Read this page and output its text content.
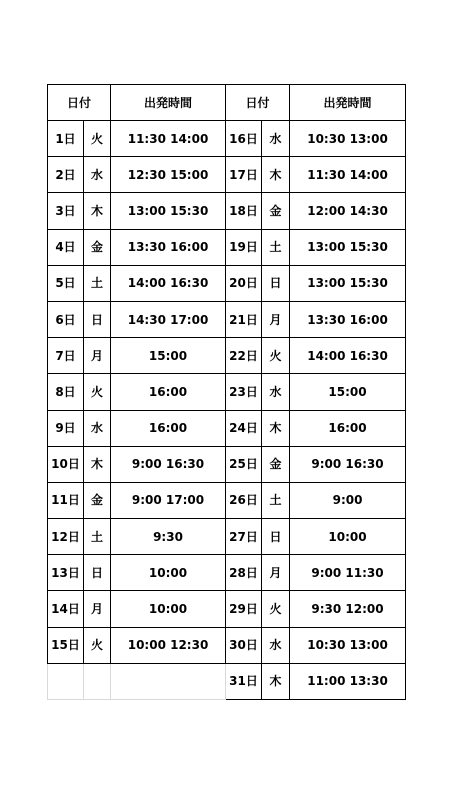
日付		出発時間	日付		出発時間
1日	火	11:30 14:00	16日	水	10:30 13:00
2日	水	12:30 15:00	17日	木	11:30 14:00
3日	木	13:00 15:30	18日	金	12:00 14:30
4日	金	13:30 16:00	19日	土	13:00 15:30
5日	土	14:00 16:30	20日	日	13:00 15:30
6日	日	14:30 17:00	21日	月	13:30 16:00
7日	月	15:00	22日	火	14:00 16:30
8日	火	16:00	23日	水	15:00
9日	水	16:00	24日	木	16:00
10日	木	9:00 16:30	25日	金	9:00 16:30
11日	金	9:00 17:00	26日	土	9:00
12日	土	9:30	27日	日	10:00
13日	日	10:00	28日	月	9:00 11:30
14日	月	10:00	29日	火	9:30 12:00
15日	火	10:00 12:30	30日	水	10:30 13:00
			31日	木	11:00 13:30
